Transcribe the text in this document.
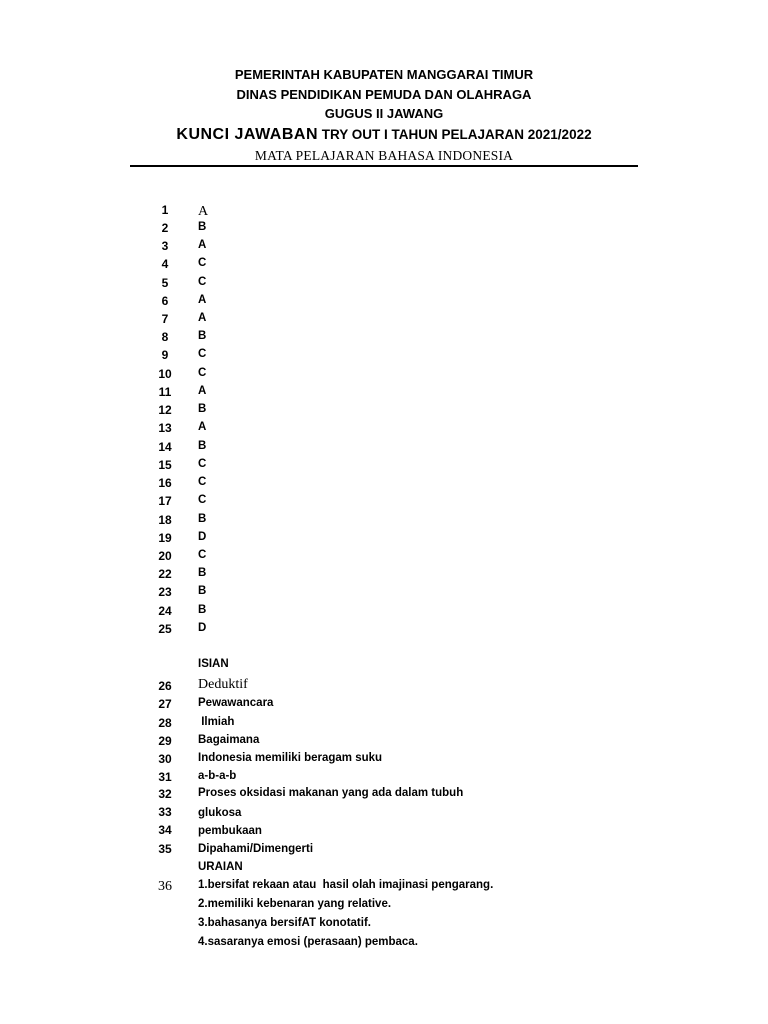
PEMERINTAH KABUPATEN MANGGARAI TIMUR
DINAS PENDIDIKAN PEMUDA DAN OLAHRAGA
GUGUS II JAWANG
KUNCI JAWABAN TRY OUT I TAHUN PELAJARAN 2021/2022
MATA PELAJARAN BAHASA INDONESIA
1	A
2	B
3	A
4	C
5	C
6	A
7	A
8	B
9	C
10	C
11	A
12	B
13	A
14	B
15	C
16	C
17	C
18	B
19	D
20	C
22	B
23	B
24	B
25	D
ISIAN
26	Deduktif
27	Pewawancara
28	Ilmiah
29	Bagaimana
30	Indonesia memiliki beragam suku
31	a-b-a-b
32	Proses oksidasi makanan yang ada dalam tubuh
33	glukosa
34	pembukaan
35	Dipahami/Dimengerti
URAIAN
36	1.bersifat rekaan atau  hasil olah imajinasi pengarang.
2.memiliki kebenaran yang relative.
3.bahasanya bersifAT konotatif.
4.sasaranya emosi (perasaan) pembaca.
